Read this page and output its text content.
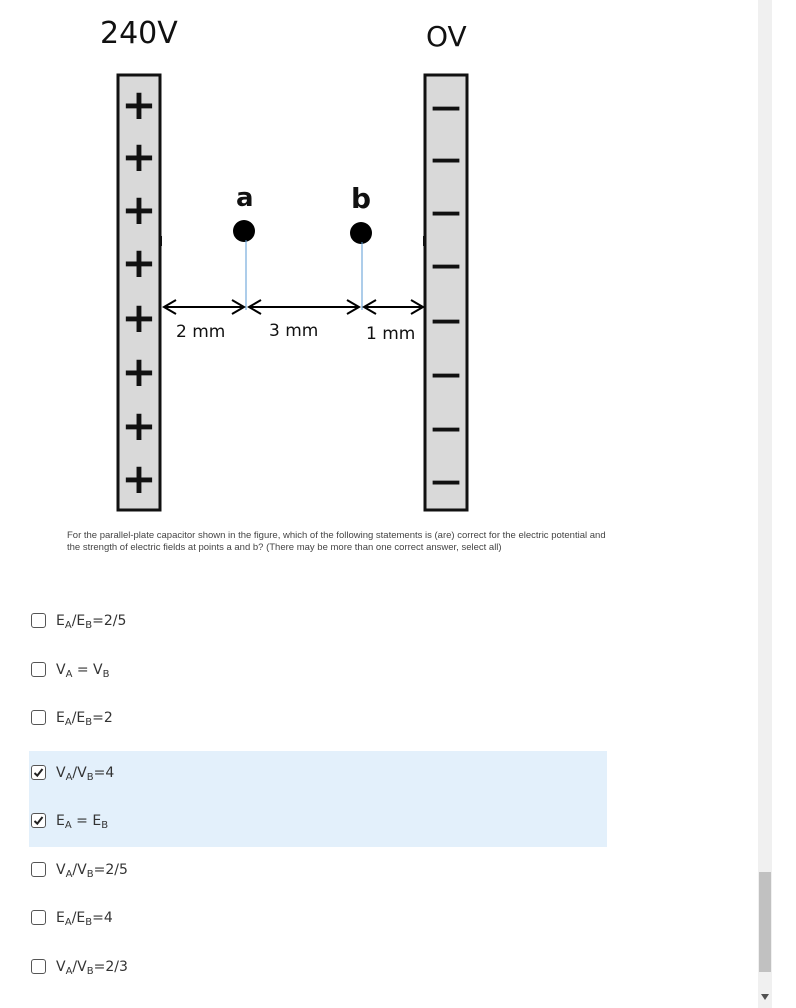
240V	OV
+
+
+
+
+
+
+
+
—
—
—
—
—
—
—
—
a	b
2 mm	3 mm	1 mm
For the parallel-plate capacitor shown in the figure, which of the following statements is (are) correct for the electric potential and the strength of electric fields at points a and b? (There may be more than one correct answer, select all)
$E_A/E_B=2/5$
$V_A = V_B$
$E_A/E_B=2$
$V_A/V_B=4$
$E_A = E_B$
$V_A/V_B=2/5$
$E_A/E_B=4$
$V_A/V_B=2/3$
